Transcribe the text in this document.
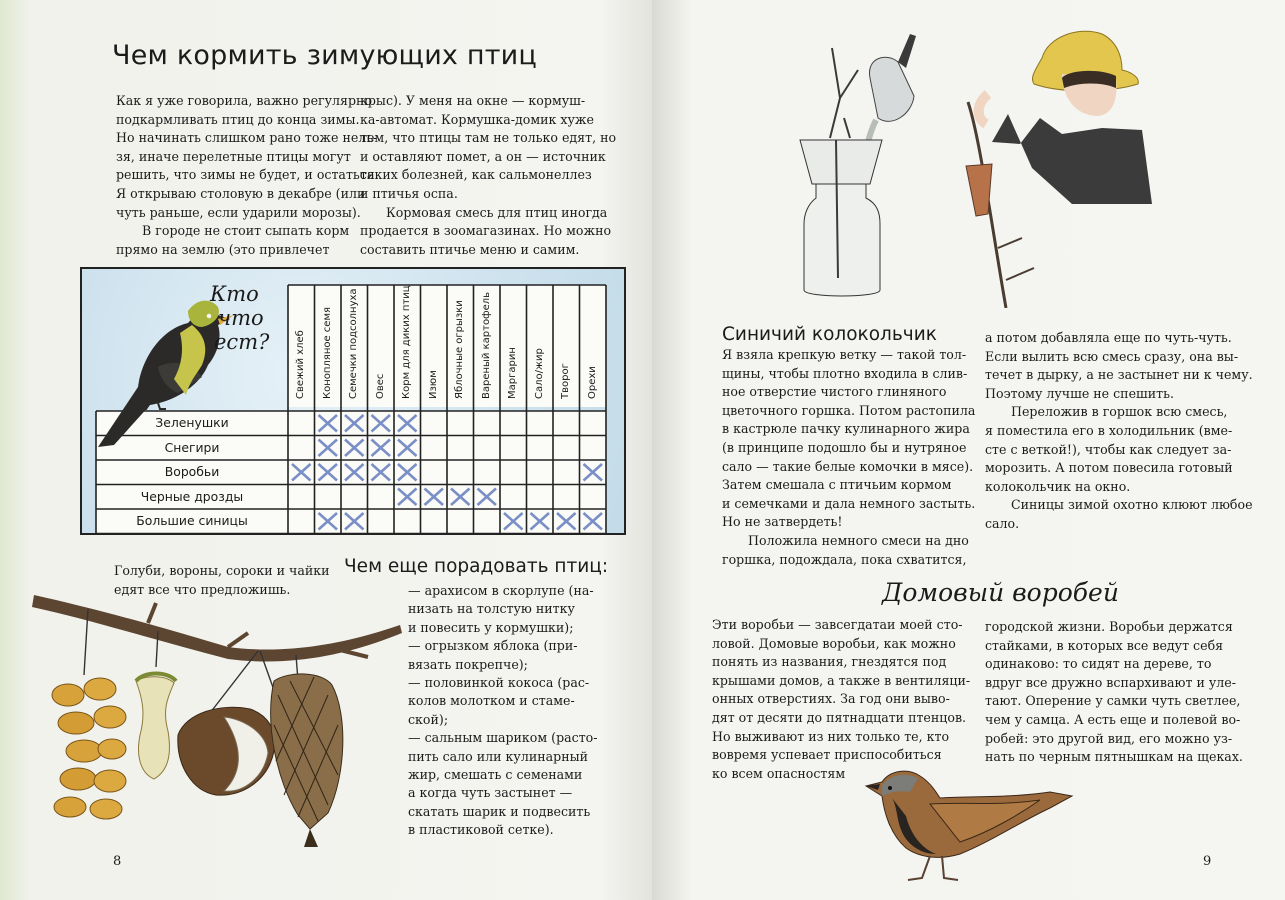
Чем кормить зимующих птиц
Как я уже говорила, важно регулярно
подкармливать птиц до конца зимы.
Но начинать слишком рано тоже нель-
зя, иначе перелетные птицы могут
решить, что зимы не будет, и остаться.
Я открываю столовую в декабре (или
чуть раньше, если ударили морозы).
В городе не стоит сыпать корм
прямо на землю (это привлечет
крыс). У меня на окне — кормуш-
ка-автомат. Кормушка-домик хуже
тем, что птицы там не только едят, но
и оставляют помет, а он — источник
таких болезней, как сальмонеллез
и птичья оспа.
Кормовая смесь для птиц иногда
продается в зоомагазинах. Но можно
составить птичье меню и самим.
Кто
что
ест?	Свежий хлеб Конопляное семя Семечки подсолнуха Овес Корм для диких птиц Изюм Яблочные огрызки Вареный картофель Маргарин Сало/жир Творог Орехи
Зеленушки
Снегири
Воробьи
Черные дрозды
Большие синицы
Голуби, вороны, сороки и чайки
едят все что предложишь.
Чем еще порадовать птиц:
— арахисом в скорлупе (на-
низать на толстую нитку
и повесить у кормушки);
— огрызком яблока (при-
вязать покрепче);
— половинкой кокоса (рас-
колов молотком и стаме-
ской);
— сальным шариком (расто-
пить сало или кулинарный
жир, смешать с семенами
а когда чуть застынет —
скатать шарик и подвесить
в пластиковой сетке).
8
Синичий колокольчик
Я взяла крепкую ветку — такой тол-
щины, чтобы плотно входила в слив-
ное отверстие чистого глиняного
цветочного горшка. Потом растопила
в кастрюле пачку кулинарного жира
(в принципе подошло бы и нутряное
сало — такие белые комочки в мясе).
Затем смешала с птичьим кормом
и семечками и дала немного застыть.
Но не затвердеть!
Положила немного смеси на дно
горшка, подождала, пока схватится,
а потом добавляла еще по чуть-чуть.
Если вылить всю смесь сразу, она вы-
течет в дырку, а не застынет ни к чему.
Поэтому лучше не спешить.
Переложив в горшок всю смесь,
я поместила его в холодильник (вме-
сте с веткой!), чтобы как следует за-
морозить. А потом повесила готовый
колокольчик на окно.
Синицы зимой охотно клюют любое
сало.
Домовый воробей
Эти воробьи — завсегдатаи моей сто-
ловой. Домовые воробьи, как можно
понять из названия, гнездятся под
крышами домов, а также в вентиляци-
онных отверстиях. За год они выво-
дят от десяти до пятнадцати птенцов.
Но выживают из них только те, кто
вовремя успевает приспособиться
ко всем опасностям
городской жизни. Воробьи держатся
стайками, в которых все ведут себя
одинаково: то сидят на дереве, то
вдруг все дружно вспархивают и уле-
тают. Оперение у самки чуть светлее,
чем у самца. А есть еще и полевой во-
робей: это другой вид, его можно уз-
нать по черным пятнышкам на щеках.
9
